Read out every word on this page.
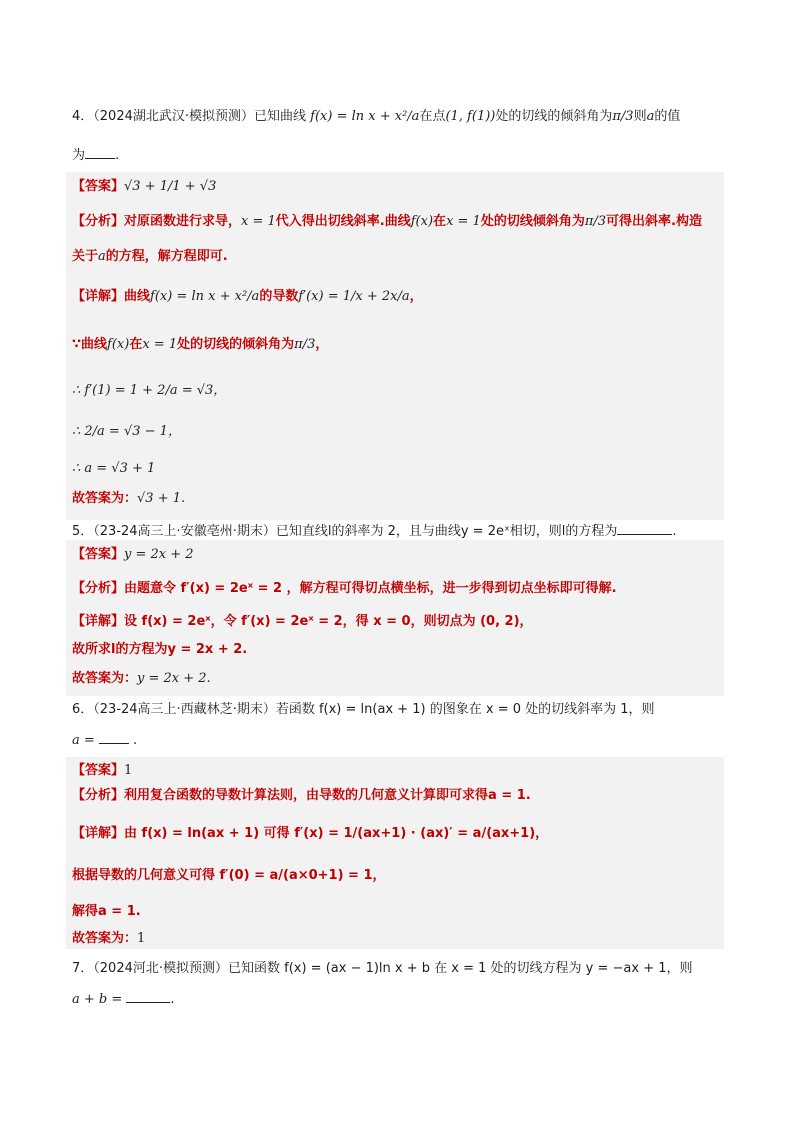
4．（2024湖北武汉·模拟预测）已知曲线 f(x) = ln x + x²/a在点(1, f(1))处的切线的倾斜角为π/3则a的值
为 .
【答案】√3 + 1/1 + √3
【分析】对原函数进行求导，x = 1代入得出切线斜率.曲线f(x)在x = 1处的切线倾斜角为π/3可得出斜率.构造
关于a的方程，解方程即可.
【详解】曲线f(x) = ln x + x²/a的导数f′(x) = 1/x + 2x/a，
∵曲线f(x)在x = 1处的切线的倾斜角为π/3，
∴ f′(1) = 1 + 2/a = √3，
∴ 2/a = √3 − 1，
∴ a = √3 + 1
故答案为：√3 + 1.
5．（23-24高三上·安徽亳州·期末）已知直线l的斜率为 2，且与曲线y = 2eˣ相切，则l的方程为	.
【答案】y = 2x + 2
【分析】由题意令 f′(x) = 2eˣ = 2 ，解方程可得切点横坐标，进一步得到切点坐标即可得解.
【详解】设 f(x) = 2eˣ，令 f′(x) = 2eˣ = 2，得 x = 0，则切点为 (0, 2)，
故所求l的方程为y = 2x + 2.
故答案为：y = 2x + 2.
6．（23-24高三上·西藏林芝·期末）若函数 f(x) = ln(ax + 1) 的图象在 x = 0 处的切线斜率为 1，则
a =	.
【答案】1
【分析】利用复合函数的导数计算法则，由导数的几何意义计算即可求得a = 1.
【详解】由 f(x) = ln(ax + 1) 可得 f′(x) = 1/(ax+1) · (ax)′ = a/(ax+1)，
根据导数的几何意义可得 f′(0) = a/(a×0+1) = 1，
解得a = 1.
故答案为：1
7．（2024河北·模拟预测）已知函数 f(x) = (ax − 1)ln x + b 在 x = 1 处的切线方程为 y = −ax + 1，则
a + b =	.
